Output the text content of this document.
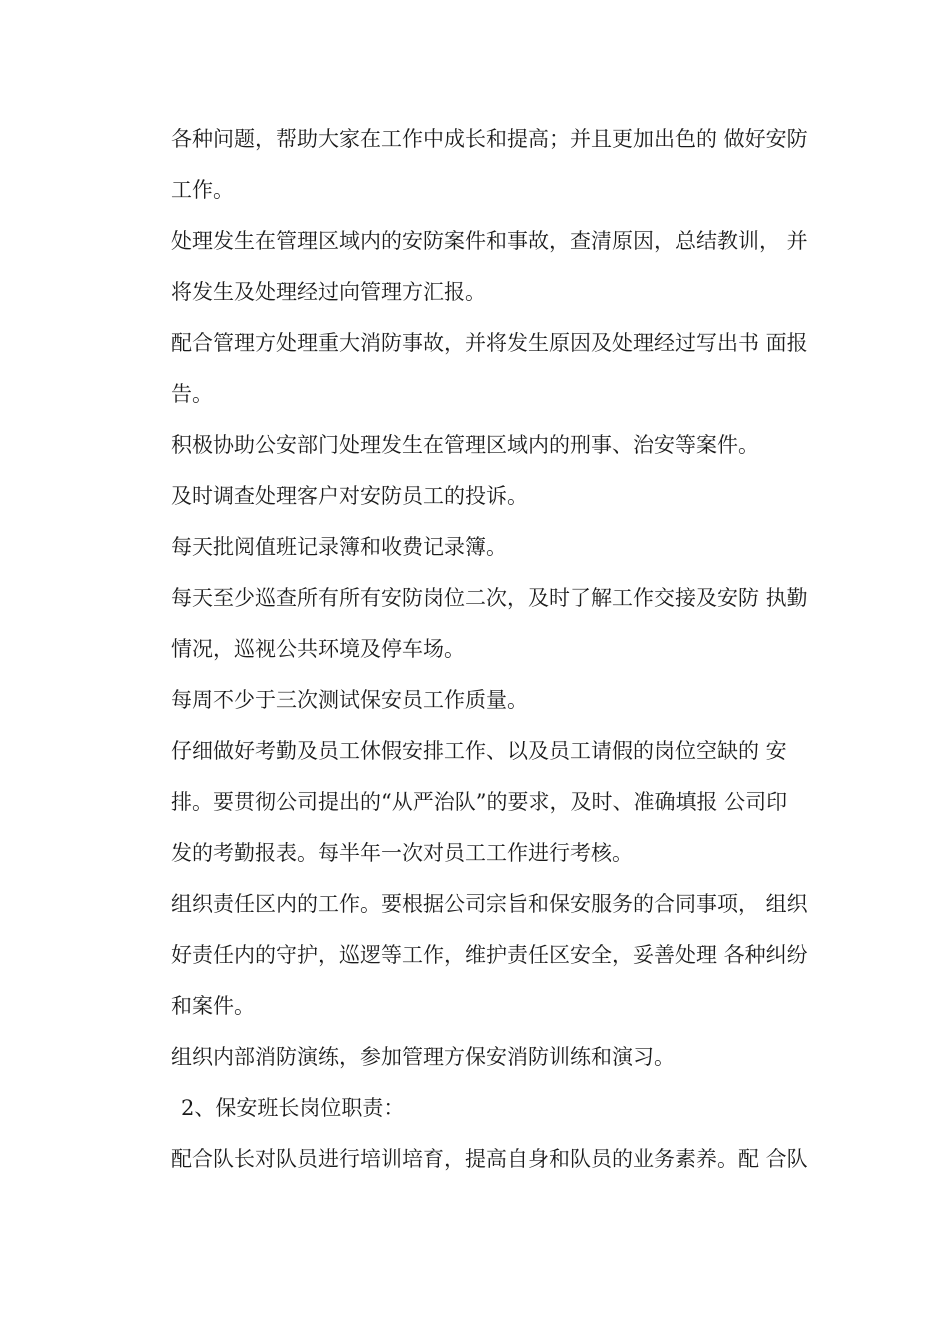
各种问题，帮助大家在工作中成长和提高；并且更加出色的 做好安防

工作。

处理发生在管理区域内的安防案件和事故，查清原因，总结教训， 并

将发生及处理经过向管理方汇报。

配合管理方处理重大消防事故，并将发生原因及处理经过写出书 面报

告。

积极协助公安部门处理发生在管理区域内的刑事、治安等案件。

及时调查处理客户对安防员工的投诉。

每天批阅值班记录簿和收费记录簿。

每天至少巡查所有所有安防岗位二次，及时了解工作交接及安防 执勤

情况，巡视公共环境及停车场。

每周不少于三次测试保安员工作质量。

仔细做好考勤及员工休假安排工作、以及员工请假的岗位空缺的 安

排。要贯彻公司提出的“从严治队”的要求，及时、准确填报 公司印

发的考勤报表。每半年一次对员工工作进行考核。

组织责任区内的工作。要根据公司宗旨和保安服务的合同事项， 组织

好责任内的守护，巡逻等工作，维护责任区安全，妥善处理 各种纠纷

和案件。

组织内部消防演练，参加管理方保安消防训练和演习。

2、保安班长岗位职责：

配合队长对队员进行培训培育，提高自身和队员的业务素养。配 合队
